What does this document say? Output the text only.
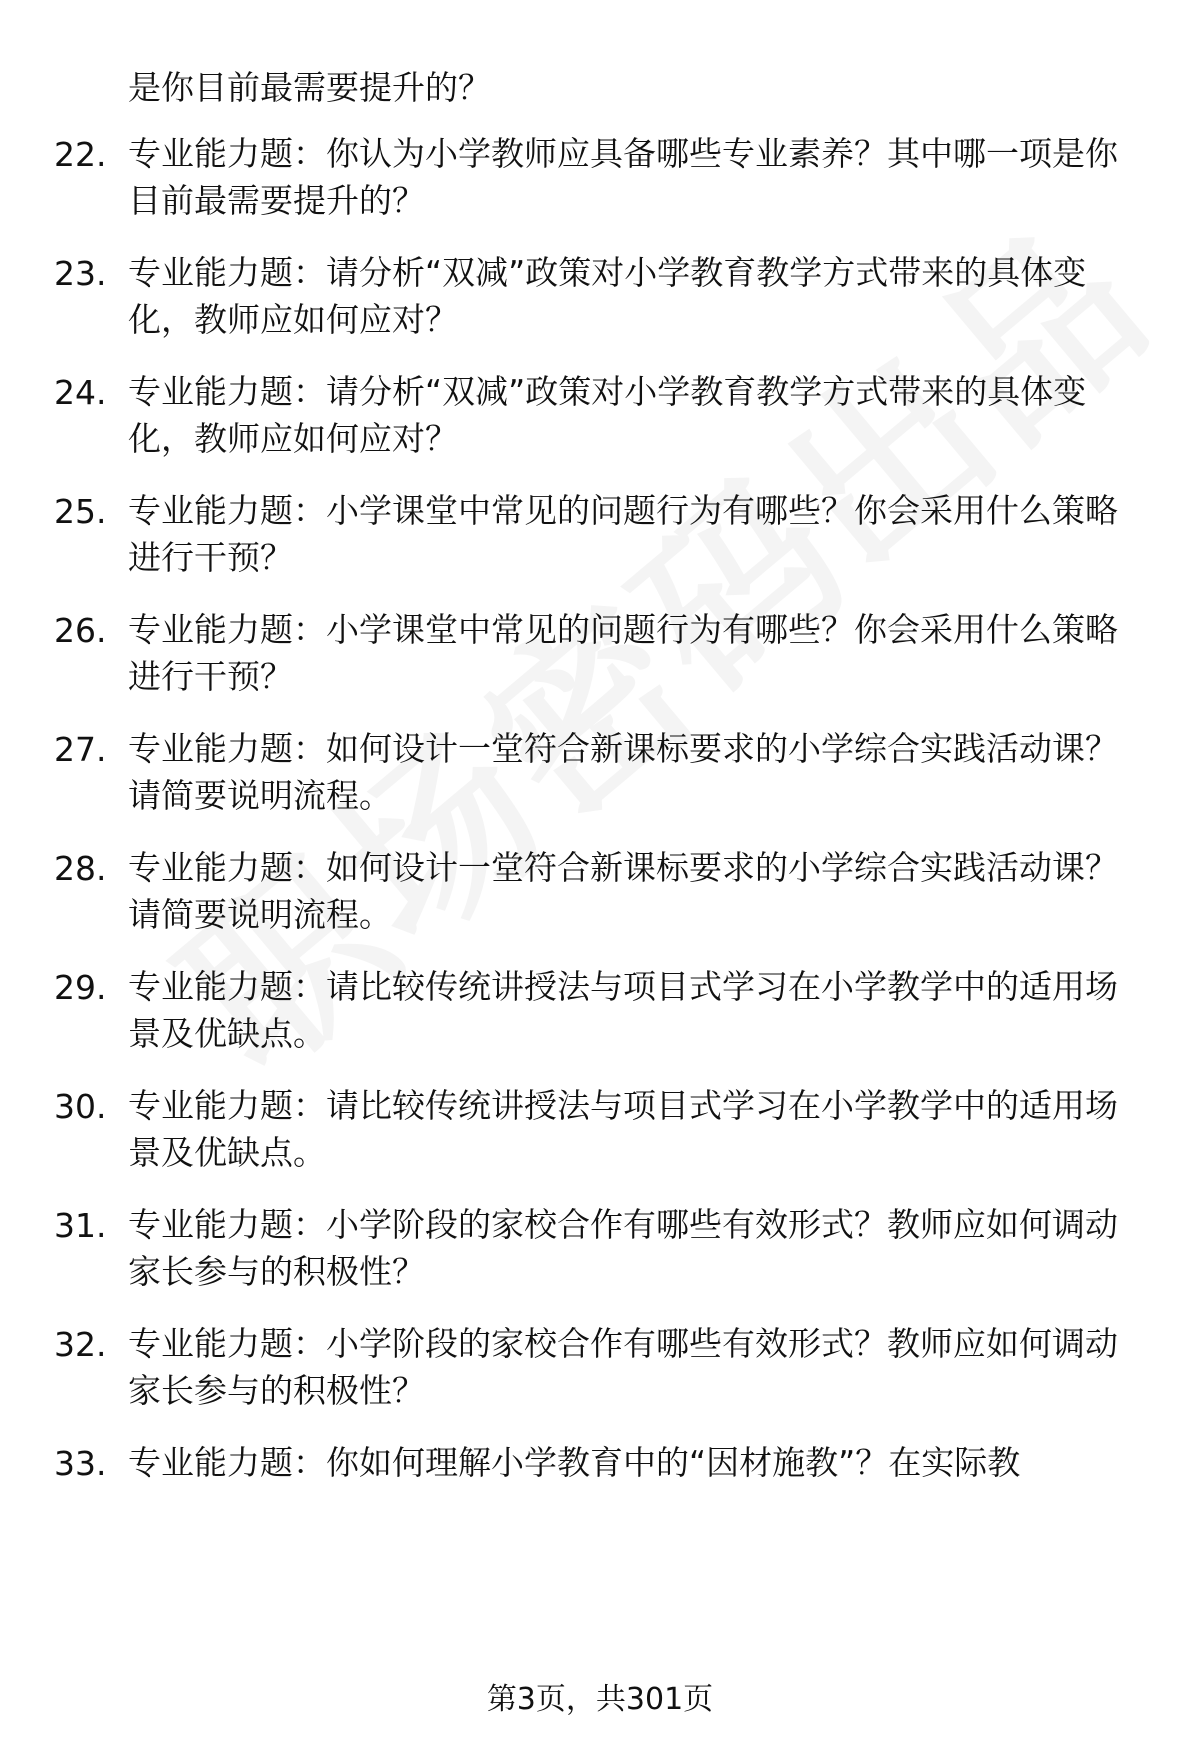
是你目前最需要提升的？
22. 专业能力题：你认为小学教师应具备哪些专业素养？其中哪一项是你目前最需要提升的？
23. 专业能力题：请分析“双减”政策对小学教育教学方式带来的具体变化，教师应如何应对？
24. 专业能力题：请分析“双减”政策对小学教育教学方式带来的具体变化，教师应如何应对？
25. 专业能力题：小学课堂中常见的问题行为有哪些？你会采用什么策略进行干预？
26. 专业能力题：小学课堂中常见的问题行为有哪些？你会采用什么策略进行干预？
27. 专业能力题：如何设计一堂符合新课标要求的小学综合实践活动课？请简要说明流程。
28. 专业能力题：如何设计一堂符合新课标要求的小学综合实践活动课？请简要说明流程。
29. 专业能力题：请比较传统讲授法与项目式学习在小学教学中的适用场景及优缺点。
30. 专业能力题：请比较传统讲授法与项目式学习在小学教学中的适用场景及优缺点。
31. 专业能力题：小学阶段的家校合作有哪些有效形式？教师应如何调动家长参与的积极性？
32. 专业能力题：小学阶段的家校合作有哪些有效形式？教师应如何调动家长参与的积极性？
33. 专业能力题：你如何理解小学教育中的“因材施教”？在实际教
第3页，共301页
